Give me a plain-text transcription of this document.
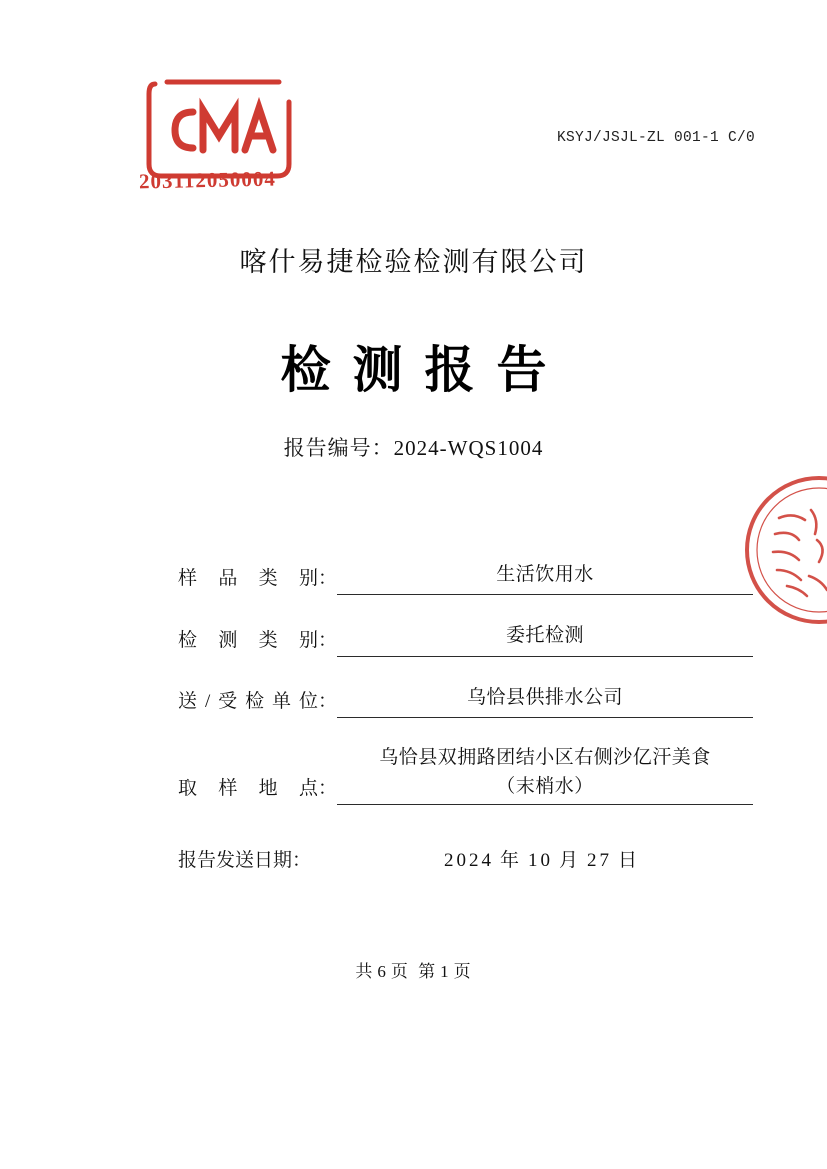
203112050004
KSYJ/JSJL-ZL 001-1 C/0
喀什易捷检验检测有限公司
检测报告
报告编号：2024-WQS1004
样品类别 ：	生活饮用水
检测类别 ：	委托检测
送/受检单位 ：	乌恰县供排水公司
取样地点 ：
乌恰县双拥路团结小区右侧沙亿汗美食
（末梢水）
报告发送日期：	2024 年 10 月 27 日
共 6 页 第 1 页
